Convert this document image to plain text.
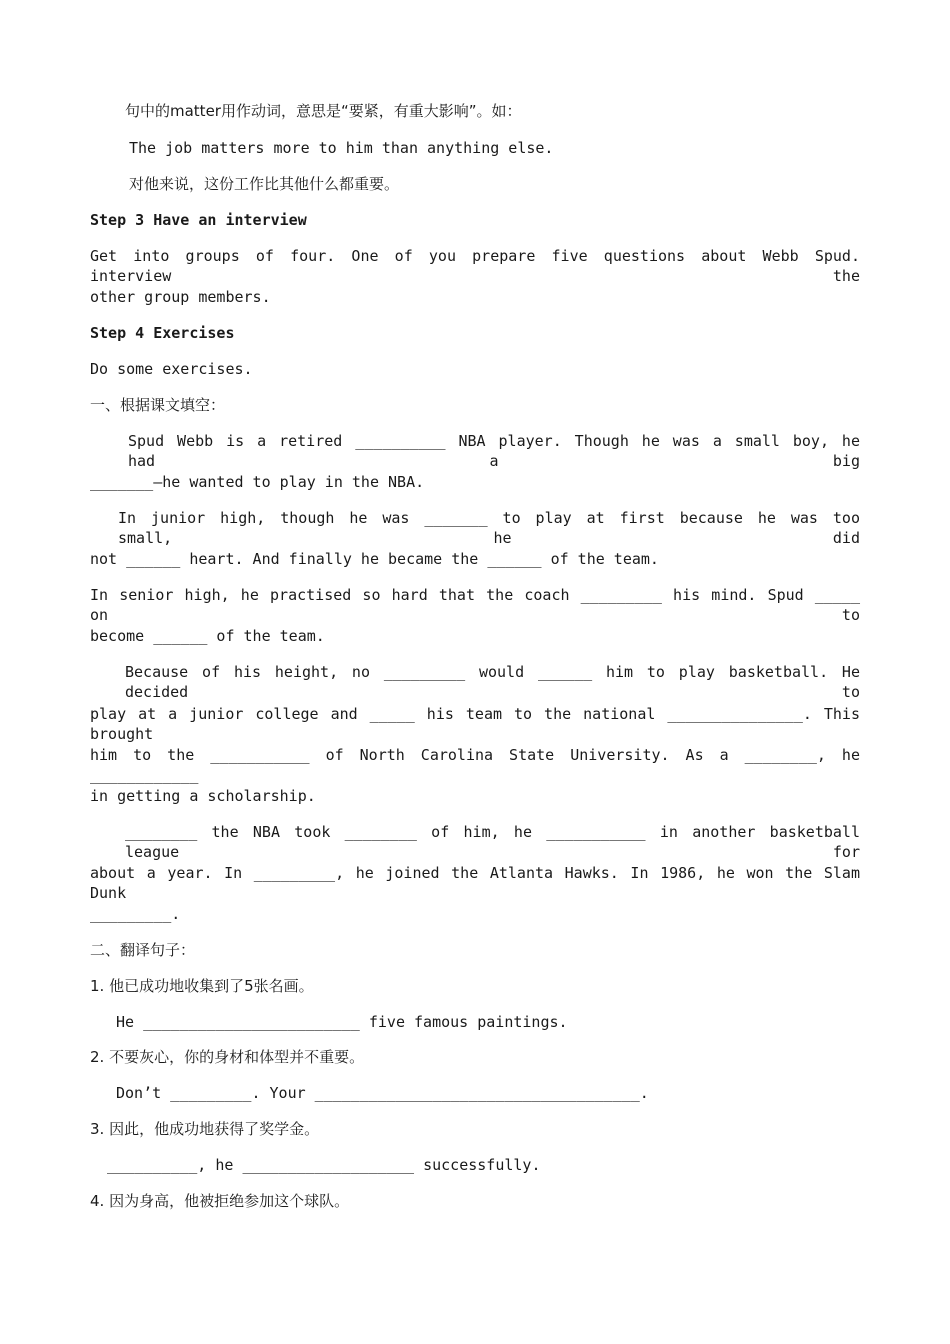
句中的matter用作动词，意思是“要紧，有重大影响”。如：
The job matters more to him than anything else.
对他来说，这份工作比其他什么都重要。
Step 3 Have an interview
Get into groups of four. One of you prepare five questions about Webb Spud. interview the
other group members.
Step 4 Exercises
Do some exercises.
一、根据课文填空：
Spud Webb is a retired __________ NBA player. Though he was a small boy, he had a big
_______—he wanted to play in the NBA.
In junior high, though he was _______ to play at first because he was too small, he did
not ______ heart. And finally he became the ______ of the team.
In senior high, he practised so hard that the coach _________ his mind. Spud _____ on to
become ______ of the team.
Because of his height, no _________ would ______ him to play basketball. He decided to
play at a junior college and _____ his team to the national _______________. This brought
him to the ___________ of North Carolina State University. As a ________, he ____________
in getting a scholarship.
________ the NBA took ________ of him, he ___________ in another basketball league for
about a year. In _________, he joined the Atlanta Hawks. In 1986, he won the Slam Dunk
_________.
二、翻译句子：
1. 他已成功地收集到了5张名画。
He ________________________ five famous paintings.
2. 不要灰心，你的身材和体型并不重要。
Don’t _________. Your ____________________________________.
3. 因此，他成功地获得了奖学金。
__________, he ___________________ successfully.
4. 因为身高，他被拒绝参加这个球队。
